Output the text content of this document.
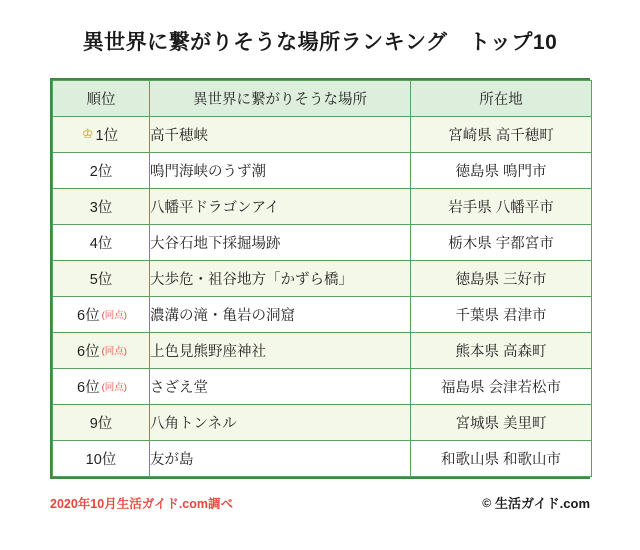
異世界に繋がりそうな場所ランキング　トップ10
順位	異世界に繋がりそうな場所	所在地
♔ 1位	高千穂峡	宮崎県 高千穂町
2位	鳴門海峡のうず潮	徳島県 鳴門市
3位	八幡平ドラゴンアイ	岩手県 八幡平市
4位	大谷石地下採掘場跡	栃木県 宇都宮市
5位	大歩危・祖谷地方「かずら橋」	徳島県 三好市
6位 (同点)	濃溝の滝・亀岩の洞窟	千葉県 君津市
6位 (同点)	上色見熊野座神社	熊本県 高森町
6位 (同点)	さざえ堂	福島県 会津若松市
9位	八角トンネル	宮城県 美里町
10位	友が島	和歌山県 和歌山市
2020年10月生活ガイド.com調べ	© 生活ガイド.com
